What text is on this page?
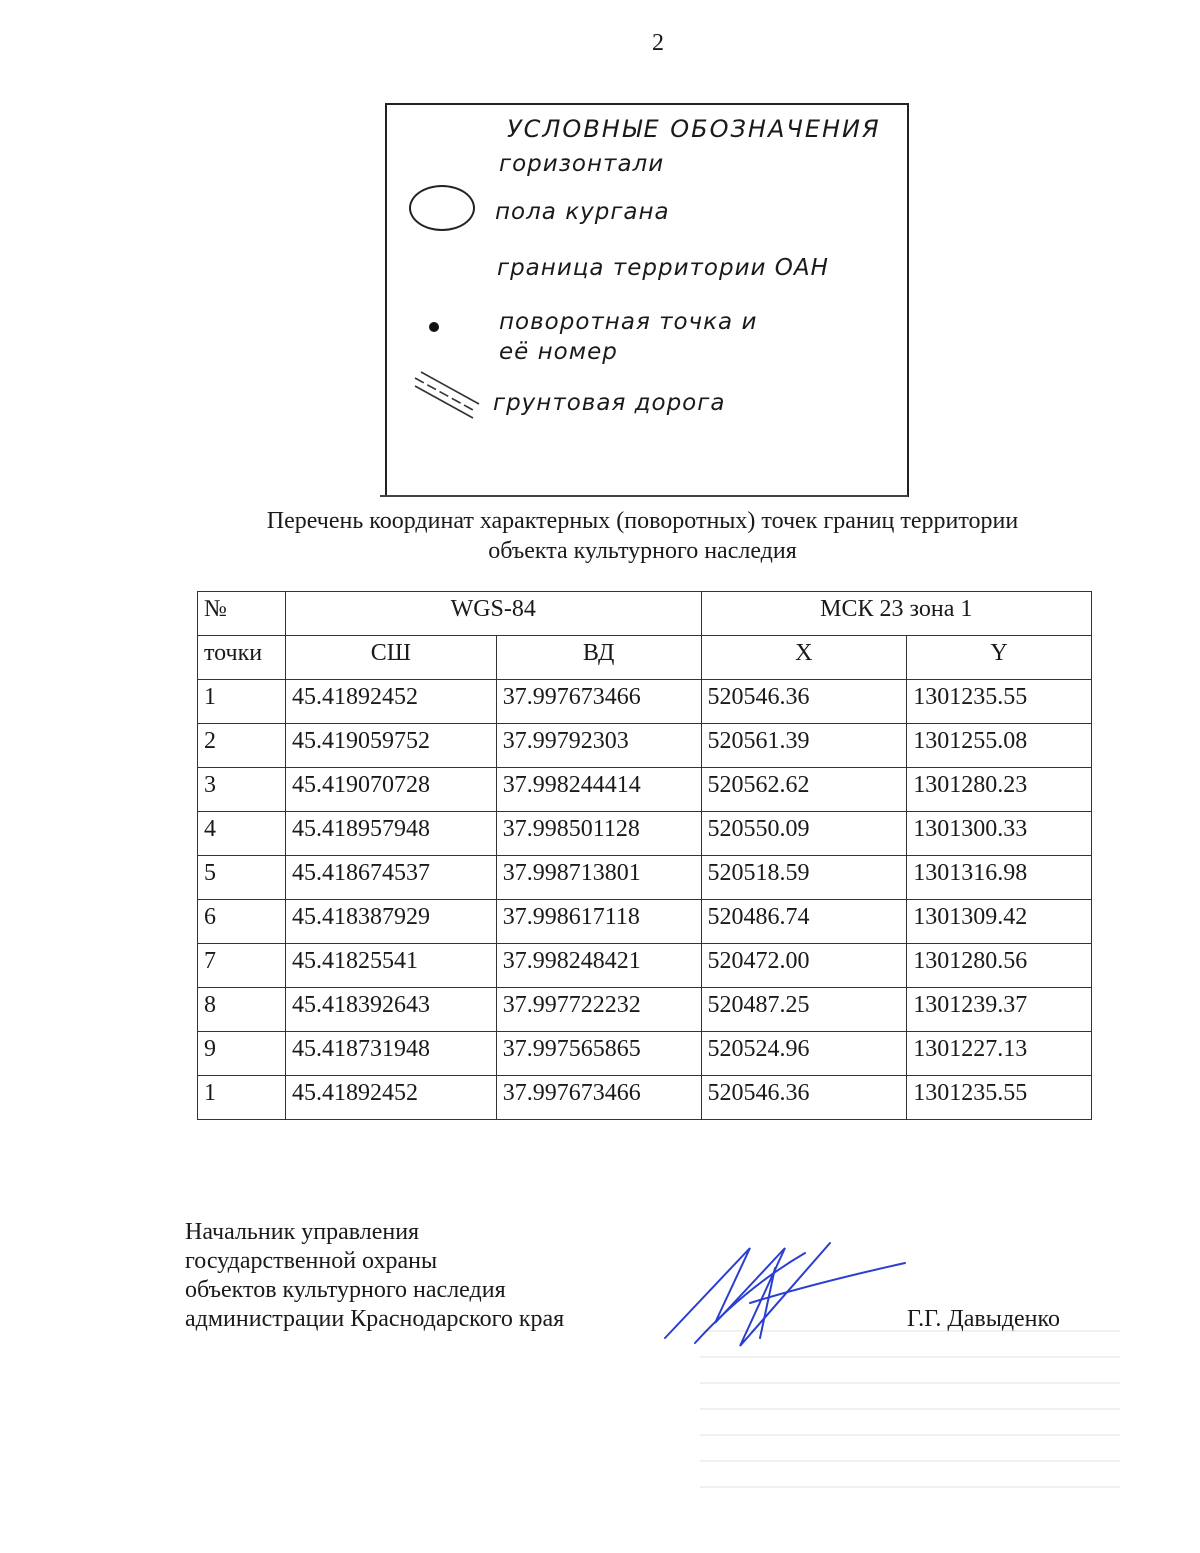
2
УСЛОВНЫЕ ОБОЗНАЧЕНИЯ
горизонтали
пола кургана
граница территории ОАН
поворотная точка и
её номер
грунтовая дорога
Перечень координат характерных (поворотных) точек границ территории
объекта культурного наследия
№	WGS-84		МСК 23 зона 1	
точки	СШ	ВД	X	Y
1	45.41892452	37.997673466	520546.36	1301235.55
2	45.419059752	37.99792303	520561.39	1301255.08
3	45.419070728	37.998244414	520562.62	1301280.23
4	45.418957948	37.998501128	520550.09	1301300.33
5	45.418674537	37.998713801	520518.59	1301316.98
6	45.418387929	37.998617118	520486.74	1301309.42
7	45.41825541	37.998248421	520472.00	1301280.56
8	45.418392643	37.997722232	520487.25	1301239.37
9	45.418731948	37.997565865	520524.96	1301227.13
1	45.41892452	37.997673466	520546.36	1301235.55
Начальник управления
государственной охраны
объектов культурного наследия
администрации Краснодарского края	Г.Г. Давыденко
